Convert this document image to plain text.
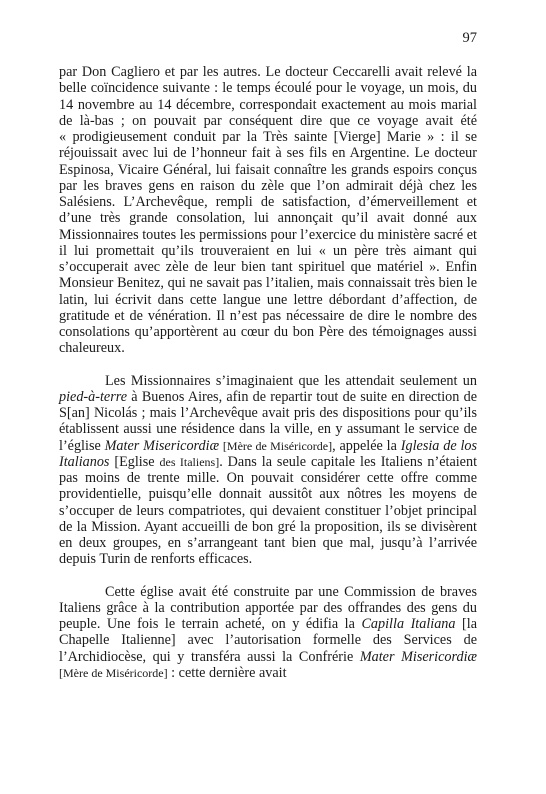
97

par Don Cagliero et par les autres. Le docteur Ceccarelli avait relevé la belle coïncidence suivante : le temps écoulé pour le voyage, un mois, du 14 novembre au 14 décembre, correspondait exactement au mois marial de là-bas ; on pouvait par conséquent dire que ce voyage avait été « prodigieusement conduit par la Très sainte [Vierge] Marie » : il se réjouissait avec lui de l’honneur fait à ses fils en Argentine. Le docteur Espinosa, Vicaire Général, lui faisait connaître les grands espoirs conçus par les braves gens en raison du zèle que l’on admirait déjà chez les Salésiens. L’Archevêque, rempli de satisfaction, d’émerveillement et d’une très grande consolation, lui annonçait qu’il avait donné aux Missionnaires toutes les permissions pour l’exercice du ministère sacré et il lui promettait qu’ils trouveraient en lui « un père très aimant qui s’occuperait avec zèle de leur bien tant spirituel que matériel ». Enfin Monsieur Benitez, qui ne savait pas l’italien, mais connaissait très bien le latin, lui écrivit dans cette langue une lettre débordant d’affection, de gratitude et de vénération. Il n’est pas nécessaire de dire le nombre des consolations qu’apportèrent au cœur du bon Père des témoignages aussi chaleureux.

Les Missionnaires s’imaginaient que les attendait seulement un pied-à-terre à Buenos Aires, afin de repartir tout de suite en direction de S[an] Nicolás ; mais l’Archevêque avait pris des dispositions pour qu’ils établissent aussi une résidence dans la ville, en y assumant le service de l’église Mater Misericordiæ [Mère de Miséricorde], appelée la Iglesia de los Italianos [Eglise des Italiens]. Dans la seule capitale les Italiens n’étaient pas moins de trente mille. On pouvait considérer cette offre comme providentielle, puisqu’elle donnait aussitôt aux nôtres les moyens de s’occuper de leurs compatriotes, qui devaient constituer l’objet principal de la Mission. Ayant accueilli de bon gré la proposition, ils se divisèrent en deux groupes, en s’arrangeant tant bien que mal, jusqu’à l’arrivée depuis Turin de renforts efficaces.

Cette église avait été construite par une Commission de braves Italiens grâce à la contribution apportée par des offrandes des gens du peuple. Une fois le terrain acheté, on y édifia la Capilla Italiana [la Chapelle Italienne] avec l’autorisation formelle des Services de l’Archidiocèse, qui y transféra aussi la Confrérie Mater Misericordiæ [Mère de Miséricorde] : cette dernière avait
